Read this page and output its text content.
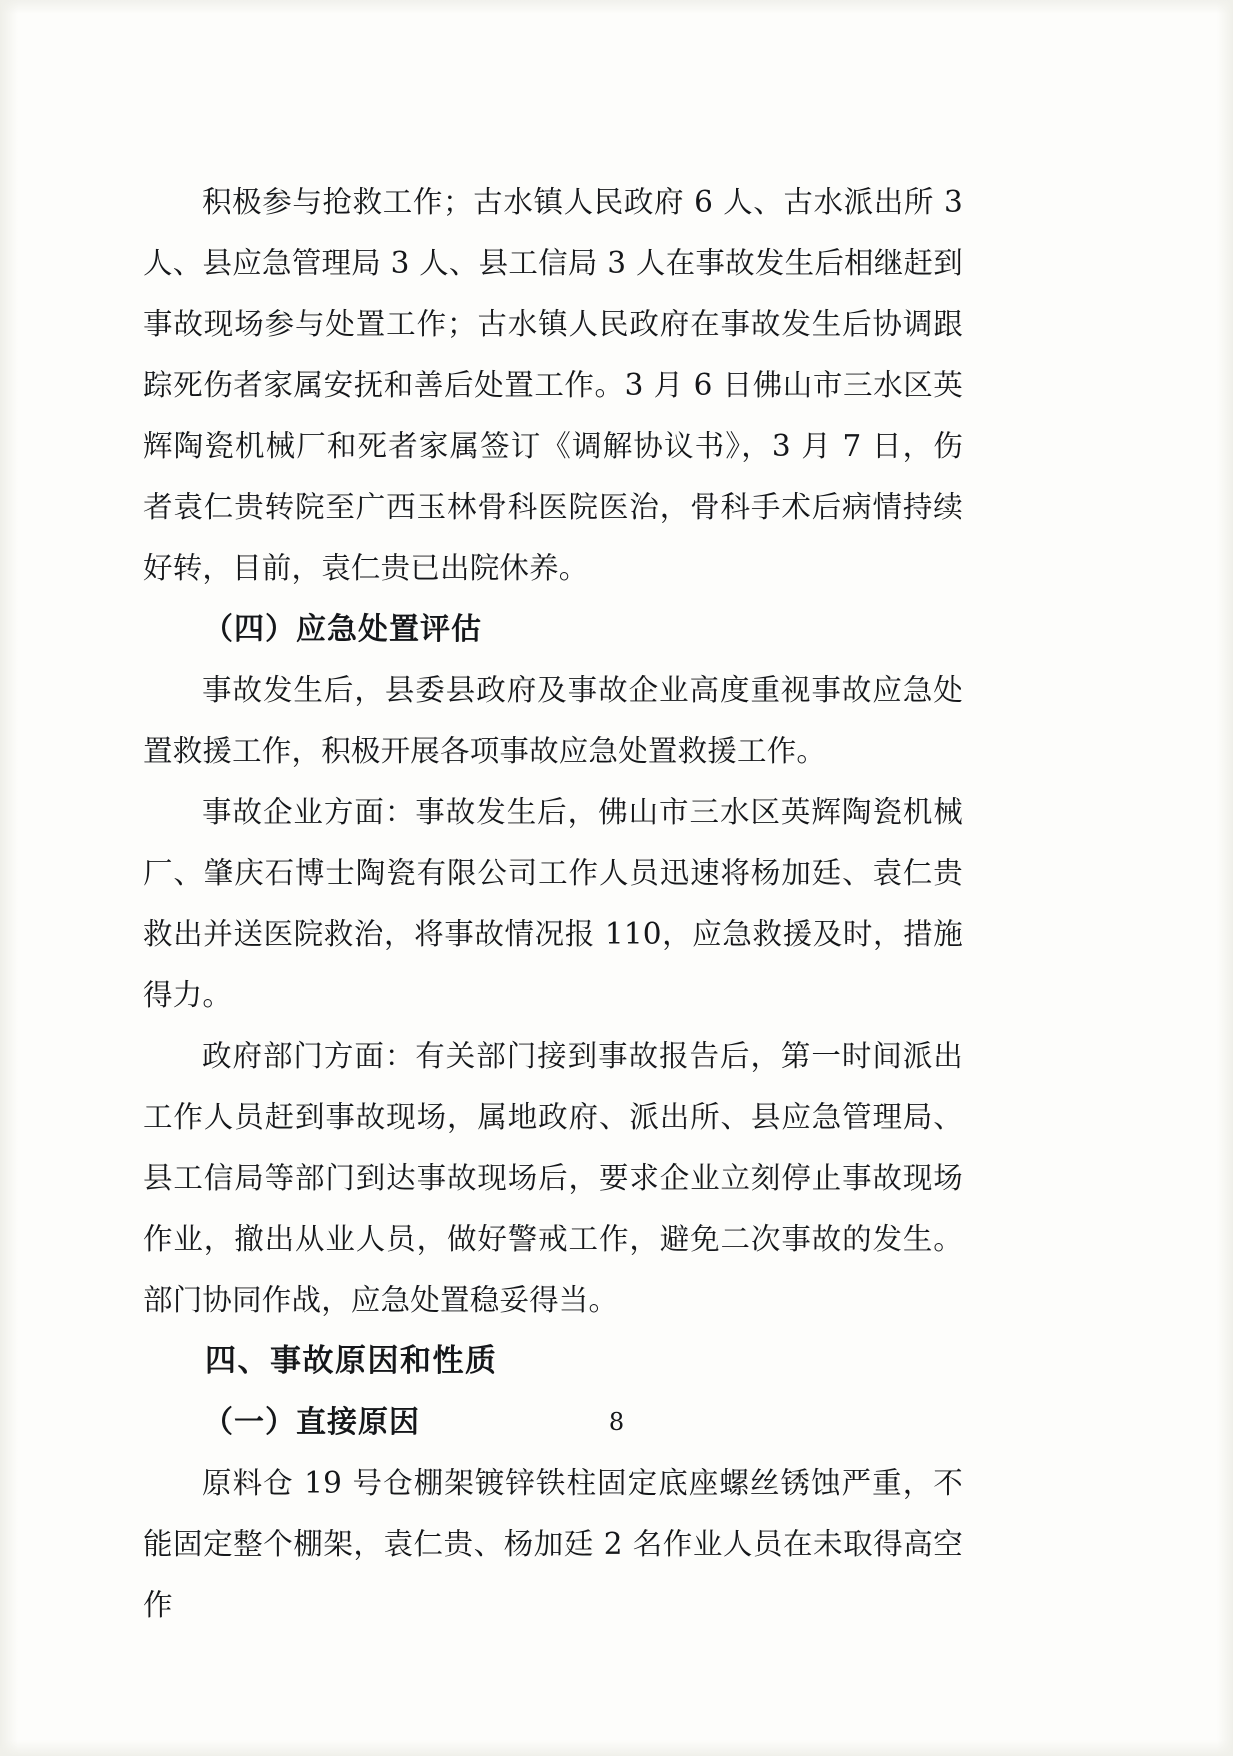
积极参与抢救工作；古水镇人民政府 6 人、古水派出所 3 人、县应急管理局 3 人、县工信局 3 人在事故发生后相继赶到事故现场参与处置工作；古水镇人民政府在事故发生后协调跟踪死伤者家属安抚和善后处置工作。3 月 6 日佛山市三水区英辉陶瓷机械厂和死者家属签订《调解协议书》，3 月 7 日，伤者袁仁贵转院至广西玉林骨科医院医治，骨科手术后病情持续好转，目前，袁仁贵已出院休养。

（四）应急处置评估

事故发生后，县委县政府及事故企业高度重视事故应急处置救援工作，积极开展各项事故应急处置救援工作。

事故企业方面：事故发生后，佛山市三水区英辉陶瓷机械厂、肇庆石博士陶瓷有限公司工作人员迅速将杨加廷、袁仁贵救出并送医院救治，将事故情况报 110，应急救援及时，措施得力。

政府部门方面：有关部门接到事故报告后，第一时间派出工作人员赶到事故现场，属地政府、派出所、县应急管理局、县工信局等部门到达事故现场后，要求企业立刻停止事故现场作业，撤出从业人员，做好警戒工作，避免二次事故的发生。部门协同作战，应急处置稳妥得当。

四、事故原因和性质

（一）直接原因

原料仓 19 号仓棚架镀锌铁柱固定底座螺丝锈蚀严重，不能固定整个棚架，袁仁贵、杨加廷 2 名作业人员在未取得高空作

8
